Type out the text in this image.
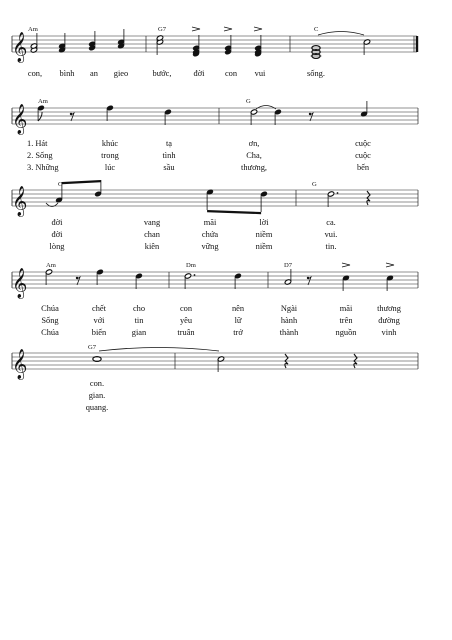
𝄞
𝄞
𝄞
𝄞
𝄞
Am	G7	C
con, bình an gieo	bước,	đời con vui	sống.
Am	G
1. Hát	khúc	tạ	ơn,	cuộc
2. Sống	trong	tình	Cha,	cuộc
3. Những	lúc	sầu	thương,	bến
C	G
đời	vang	mãi	lời	ca.
đời	chan	chứa	niềm	vui.
lòng	kiên	vững	niềm	tin.
Am	Dm	D7
Chúa	chết	cho	con	nên	Ngài	mãi	thương
Sống	với	tin	yêu	lữ	hành	trên	đường
Chúa	biến	gian	truân	trở	thành	nguồn	vinh
G7
con.
gian.
quang.
